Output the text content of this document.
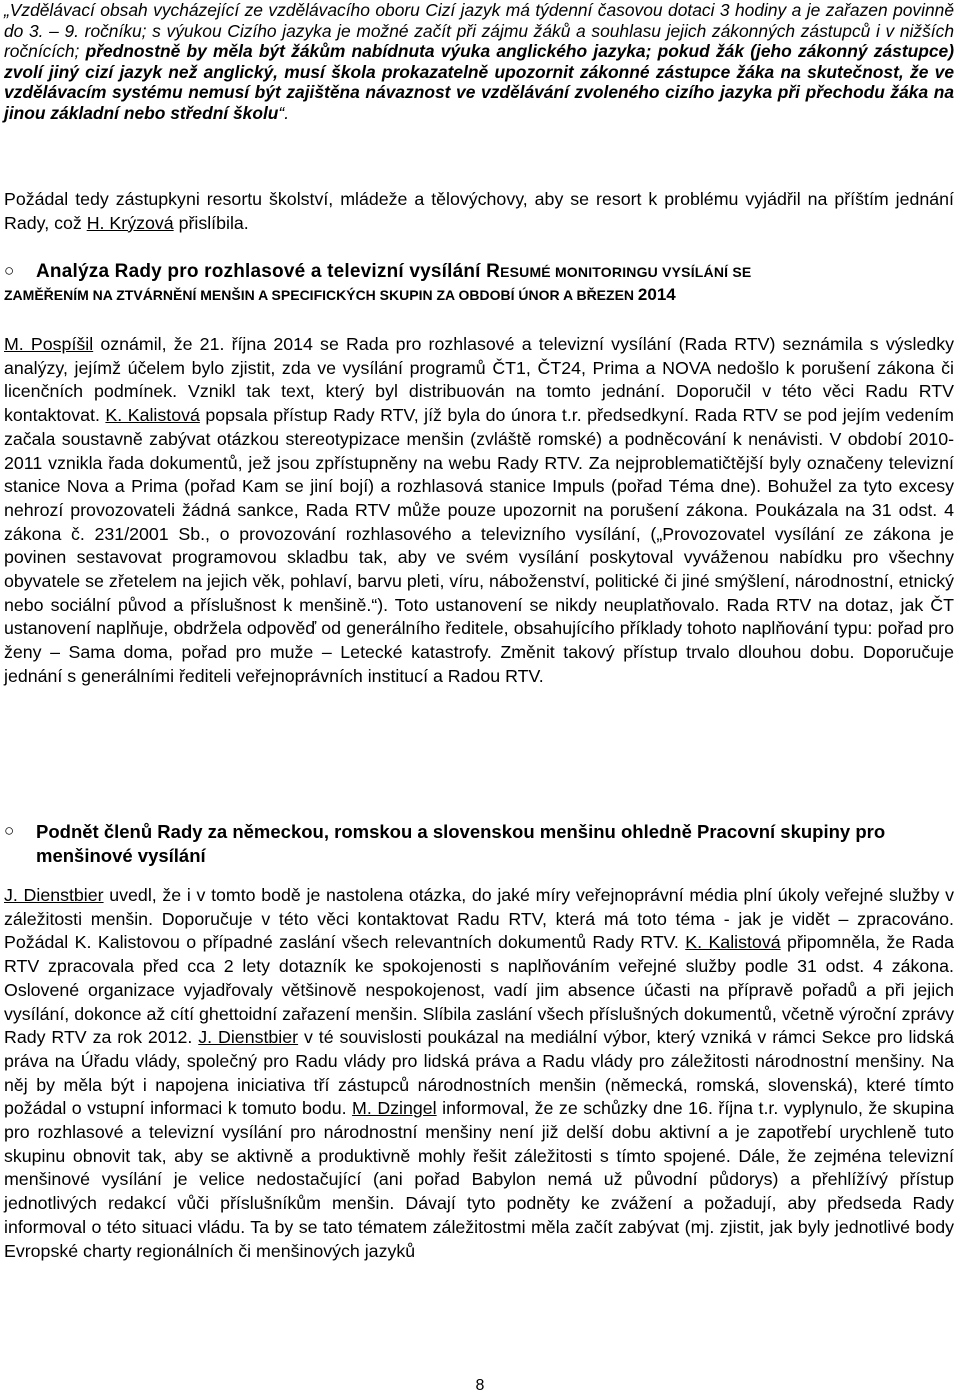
„Vzdělávací obsah vycházející ze vzdělávacího oboru Cizí jazyk má týdenní časovou dotaci 3 hodiny a je zařazen povinně do 3. – 9. ročníku; s výukou Cizího jazyka je možné začít při zájmu žáků a souhlasu jejich zákonných zástupců i v nižších ročnících; přednostně by měla být žákům nabídnuta výuka anglického jazyka; pokud žák (jeho zákonný zástupce) zvolí jiný cizí jazyk než anglický, musí škola prokazatelně upozornit zákonné zástupce žáka na skutečnost, že ve vzdělávacím systému nemusí být zajištěna návaznost ve vzdělávání zvoleného cizího jazyka při přechodu žáka na jinou základní nebo střední školu“.

Požádal tedy zástupkyni resortu školství, mládeže a tělovýchovy, aby se resort k problému vyjádřil na příštím jednání Rady, což H. Krýzová přislíbila.

○	Analýza Rady pro rozhlasové a televizní vysílání RESUMÉ MONITORINGU VYSÍLÁNÍ SE
ZAMĚŘENÍM NA ZTVÁRNĚNÍ MENŠIN A SPECIFICKÝCH SKUPIN ZA OBDOBÍ ÚNOR A BŘEZEN 2014

M. Pospíšil oznámil, že 21. října 2014 se Rada pro rozhlasové a televizní vysílání (Rada RTV) seznámila s výsledky analýzy, jejímž účelem bylo zjistit, zda ve vysílání programů ČT1, ČT24, Prima a NOVA nedošlo k porušení zákona či licenčních podmínek. Vznikl tak text, který byl distribuován na tomto jednání. Doporučil v této věci Radu RTV kontaktovat. K. Kalistová popsala přístup Rady RTV, jíž byla do února t.r. předsedkyní. Rada RTV se pod jejím vedením začala soustavně zabývat otázkou stereotypizace menšin (zvláště romské) a podněcování k nenávisti. V období 2010-2011 vznikla řada dokumentů, jež jsou zpřístupněny na webu Rady RTV. Za nejproblematičtější byly označeny televizní stanice Nova a Prima (pořad Kam se jiní bojí) a rozhlasová stanice Impuls (pořad Téma dne). Bohužel za tyto excesy nehrozí provozovateli žádná sankce, Rada RTV může pouze upozornit na porušení zákona. Poukázala na 31 odst. 4 zákona č. 231/2001 Sb., o provozování rozhlasového a televizního vysílání, („Provozovatel vysílání ze zákona je povinen sestavovat programovou skladbu tak, aby ve svém vysílání poskytoval vyváženou nabídku pro všechny obyvatele se zřetelem na jejich věk, pohlaví, barvu pleti, víru, náboženství, politické či jiné smýšlení, národnostní, etnický nebo sociální původ a příslušnost k menšině.“). Toto ustanovení se nikdy neuplatňovalo. Rada RTV na dotaz, jak ČT ustanovení naplňuje, obdržela odpověď od generálního ředitele, obsahujícího příklady tohoto naplňování typu: pořad pro ženy – Sama doma, pořad pro muže – Letecké katastrofy. Změnit takový přístup trvalo dlouhou dobu. Doporučuje jednání s generálními řediteli veřejnoprávních institucí a Radou RTV.

○	Podnět členů Rady za německou, romskou a slovenskou menšinu ohledně Pracovní skupiny pro menšinové vysílání

J. Dienstbier uvedl, že i v tomto bodě je nastolena otázka, do jaké míry veřejnoprávní média plní úkoly veřejné služby v záležitosti menšin. Doporučuje v této věci kontaktovat Radu RTV, která má toto téma - jak je vidět – zpracováno. Požádal K. Kalistovou o případné zaslání všech relevantních dokumentů Rady RTV. K. Kalistová připomněla, že Rada RTV zpracovala před cca 2 lety dotazník ke spokojenosti s naplňováním veřejné služby podle 31 odst. 4 zákona. Oslovené organizace vyjadřovaly většinově nespokojenost, vadí jim absence účasti na přípravě pořadů a při jejich vysílání, dokonce až cítí ghettoidní zařazení menšin. Slíbila zaslání všech příslušných dokumentů, včetně výroční zprávy Rady RTV za rok 2012. J. Dienstbier v té souvislosti poukázal na mediální výbor, který vzniká v rámci Sekce pro lidská práva na Úřadu vlády, společný pro Radu vlády pro lidská práva a Radu vlády pro záležitosti národnostní menšiny. Na něj by měla být i napojena iniciativa tří zástupců národnostních menšin (německá, romská, slovenská), které tímto požádal o vstupní informaci k tomuto bodu. M. Dzingel informoval, že ze schůzky dne 16. října t.r. vyplynulo, že skupina pro rozhlasové a televizní vysílání pro národnostní menšiny není již delší dobu aktivní a je zapotřebí urychleně tuto skupinu obnovit tak, aby se aktivně a produktivně mohly řešit záležitosti s tímto spojené. Dále, že zejména televizní menšinové vysílání je velice nedostačující (ani pořad Babylon nemá už původní půdorys) a přehlížívý přístup jednotlivých redakcí vůči příslušníkům menšin. Dávají tyto podněty ke zvážení a požadují, aby předseda Rady informoval o této situaci vládu. Ta by se tato tématem záležitostmi měla začít zabývat (mj. zjistit, jak byly jednotlivé body Evropské charty regionálních či menšinových jazyků

8
